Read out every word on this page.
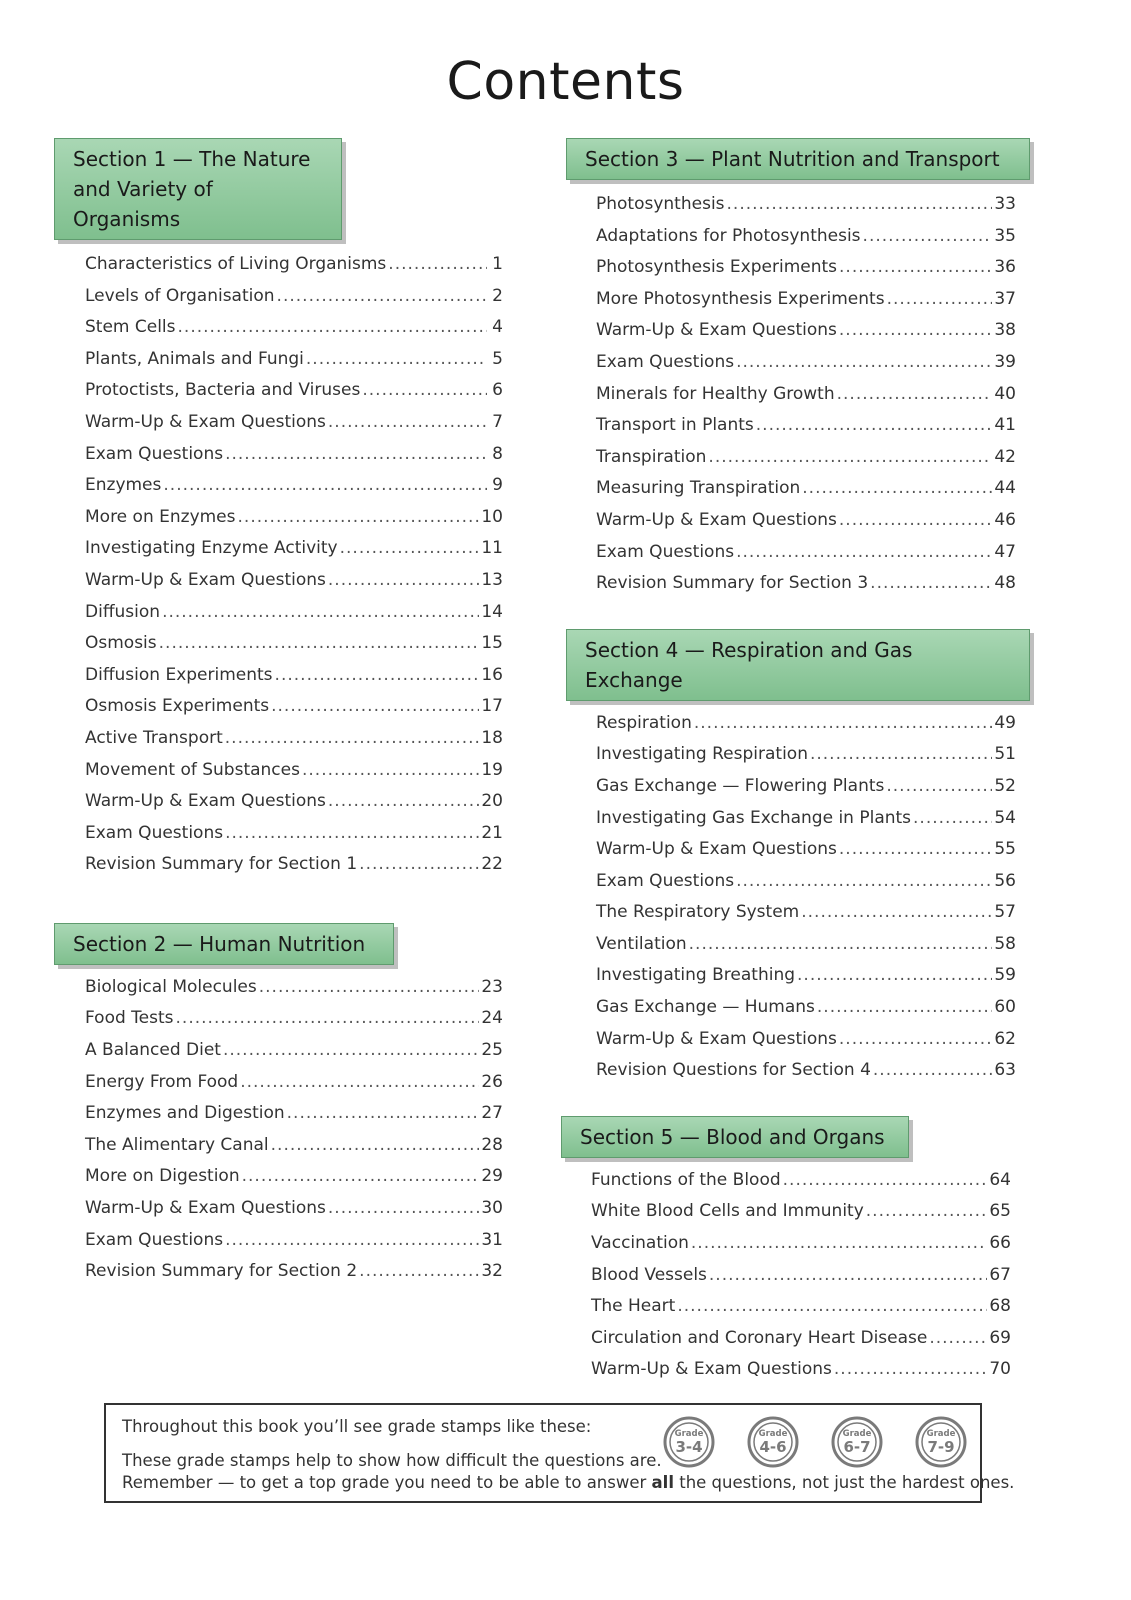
Contents
Section 1 — The Nature
and Variety of Organisms
Characteristics of Living Organisms .....	1
Levels of Organisation .....	2
Stem Cells .....	4
Plants, Animals and Fungi .....	5
Protoctists, Bacteria and Viruses .....	6
Warm-Up & Exam Questions .....	7
Exam Questions .....	8
Enzymes .....	9
More on Enzymes .....	10
Investigating Enzyme Activity .....	11
Warm-Up & Exam Questions .....	13
Diffusion .....	14
Osmosis .....	15
Diffusion Experiments .....	16
Osmosis Experiments .....	17
Active Transport .....	18
Movement of Substances .....	19
Warm-Up & Exam Questions .....	20
Exam Questions .....	21
Revision Summary for Section 1 .....	22
Section 2 — Human Nutrition
Biological Molecules .....	23
Food Tests .....	24
A Balanced Diet .....	25
Energy From Food .....	26
Enzymes and Digestion .....	27
The Alimentary Canal .....	28
More on Digestion .....	29
Warm-Up & Exam Questions .....	30
Exam Questions .....	31
Revision Summary for Section 2 .....	32
Section 3 — Plant Nutrition and Transport
Photosynthesis .....	33
Adaptations for Photosynthesis .....	35
Photosynthesis Experiments .....	36
More Photosynthesis Experiments .....	37
Warm-Up & Exam Questions .....	38
Exam Questions .....	39
Minerals for Healthy Growth .....	40
Transport in Plants .....	41
Transpiration .....	42
Measuring Transpiration .....	44
Warm-Up & Exam Questions .....	46
Exam Questions .....	47
Revision Summary for Section 3 .....	48
Section 4 — Respiration and Gas Exchange
Respiration .....	49
Investigating Respiration .....	51
Gas Exchange — Flowering Plants .....	52
Investigating Gas Exchange in Plants .....	54
Warm-Up & Exam Questions .....	55
Exam Questions .....	56
The Respiratory System .....	57
Ventilation .....	58
Investigating Breathing .....	59
Gas Exchange — Humans .....	60
Warm-Up & Exam Questions .....	62
Revision Questions for Section 4 .....	63
Section 5 — Blood and Organs
Functions of the Blood .....	64
White Blood Cells and Immunity .....	65
Vaccination .....	66
Blood Vessels .....	67
The Heart .....	68
Circulation and Coronary Heart Disease .....	69
Warm-Up & Exam Questions .....	70
Throughout this book you’ll see grade stamps like these:
These grade stamps help to show how difficult the questions are.
Remember — to get a top grade you need to be able to answer all the questions, not just the hardest ones.
Grade
3-4
Grade
4-6
Grade
6-7
Grade
7-9
